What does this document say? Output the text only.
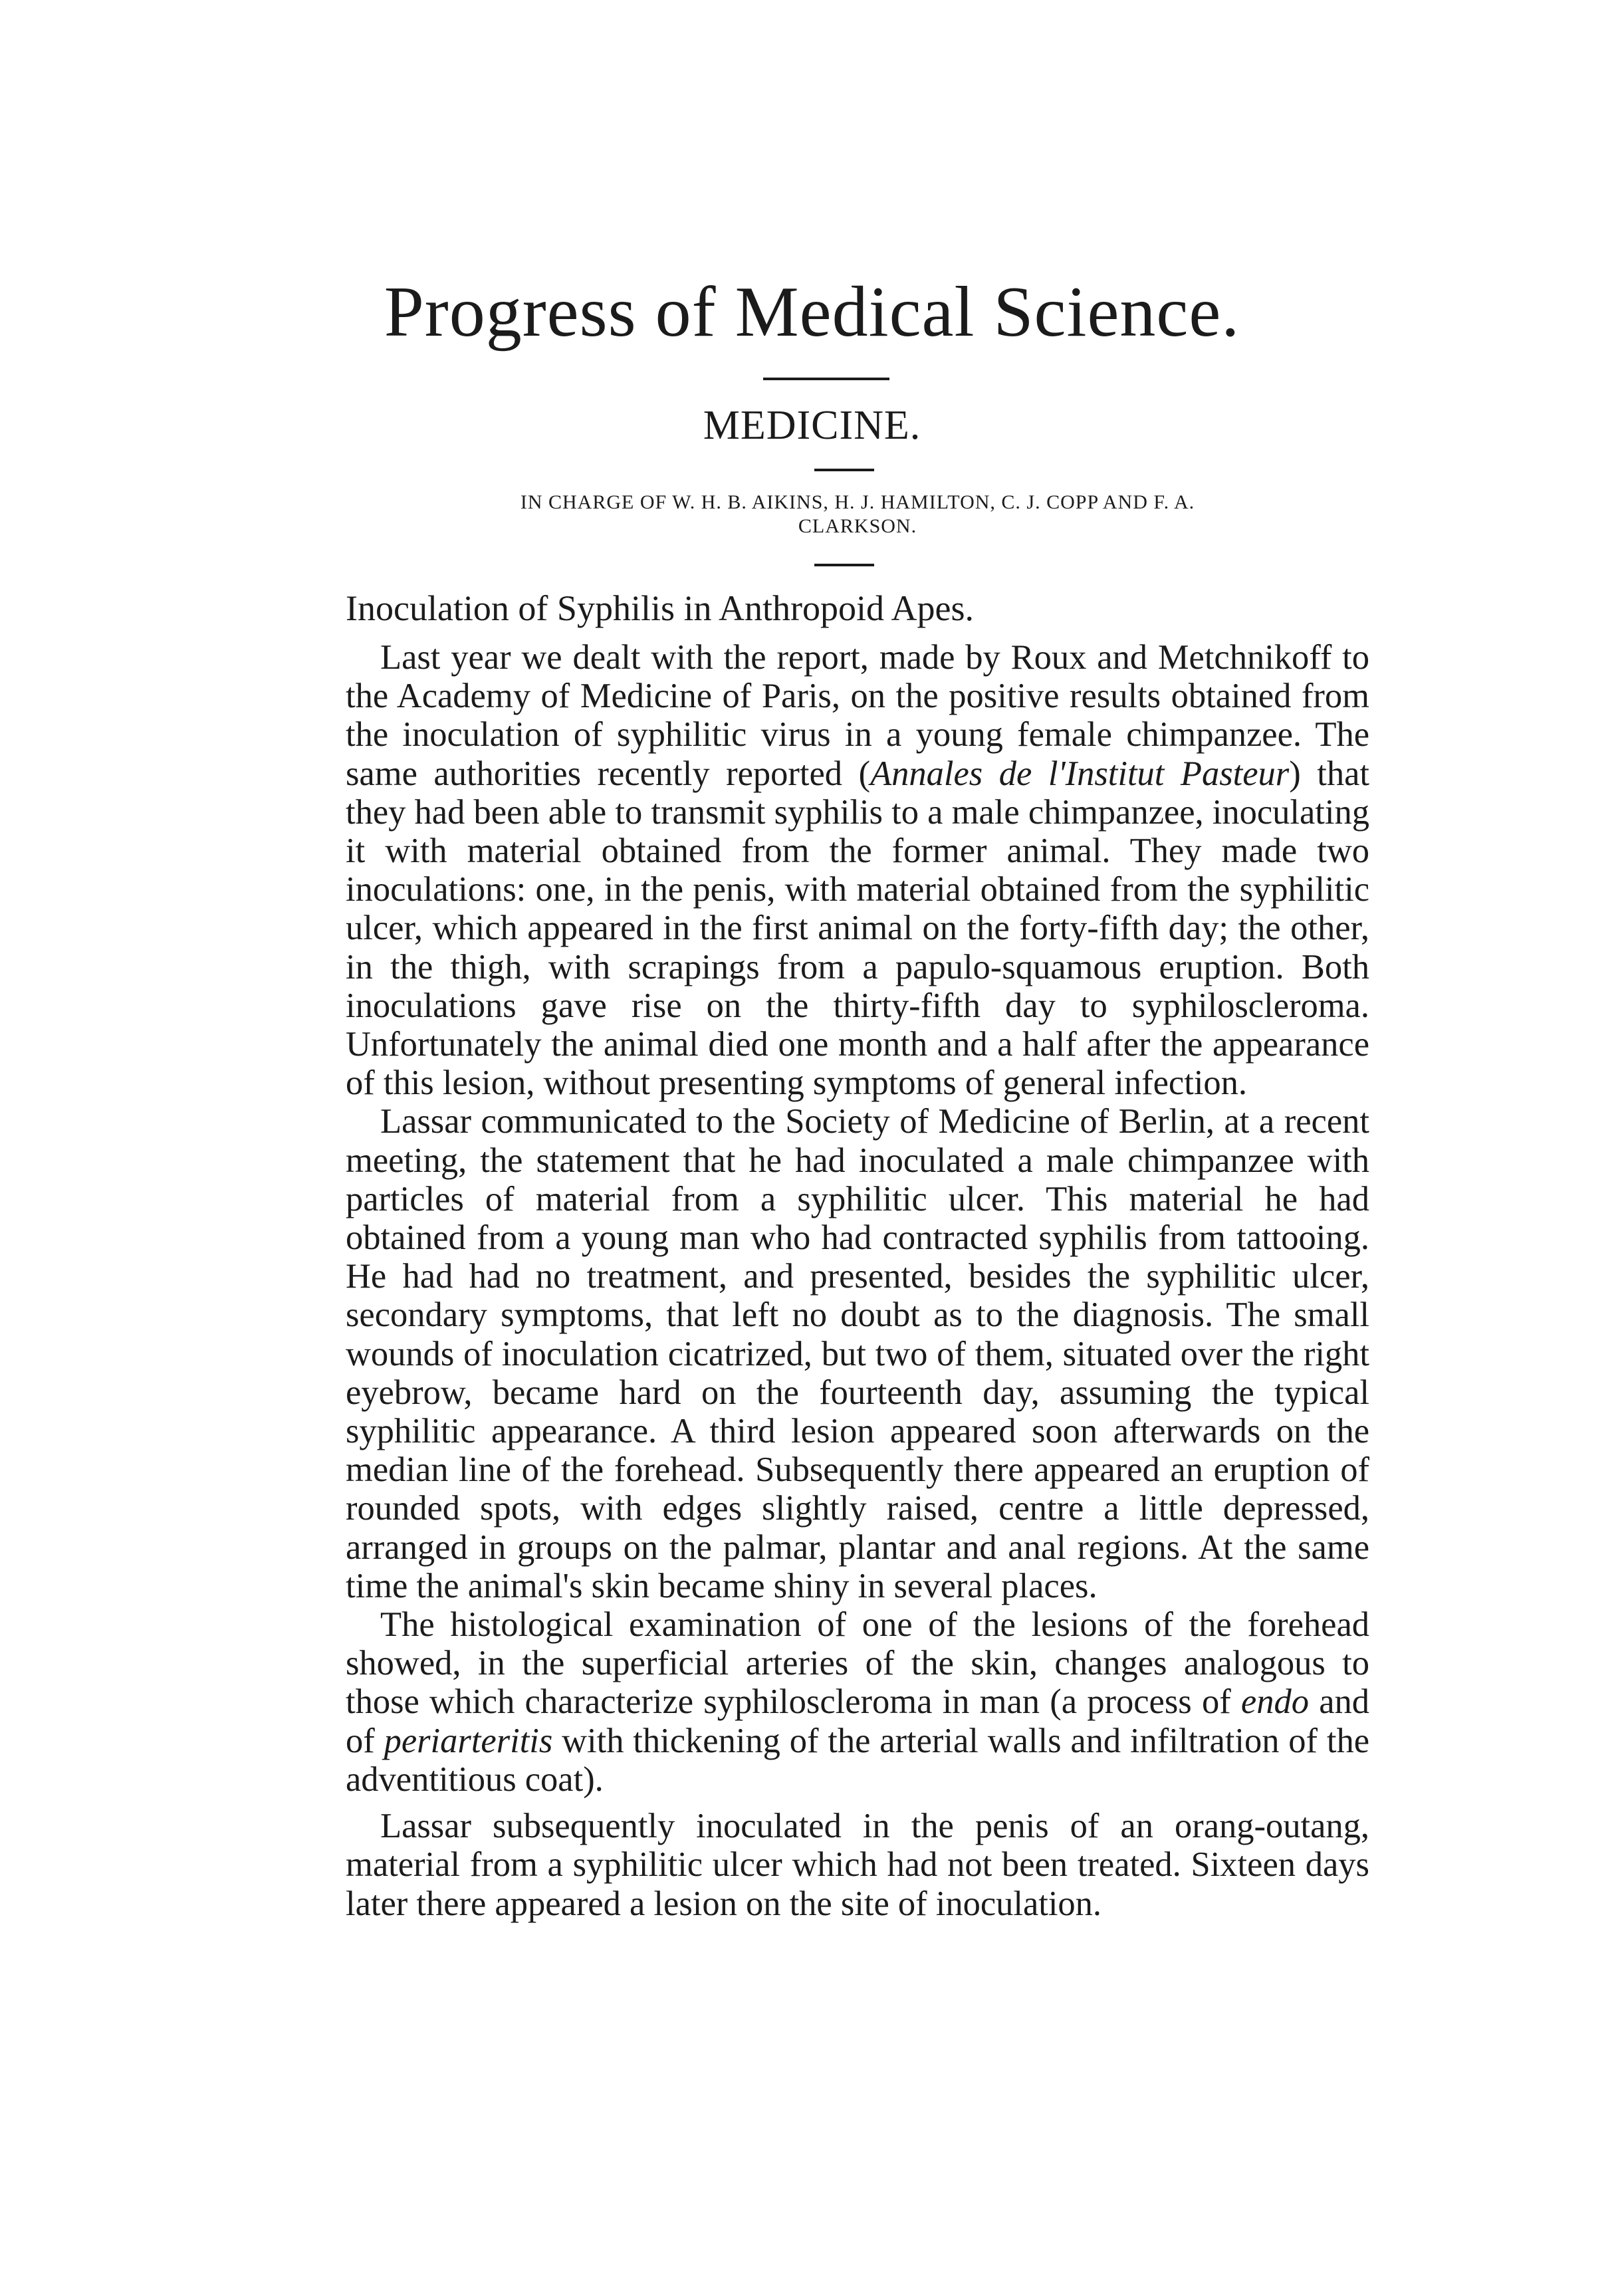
Progress of Medical Science.
MEDICINE.

IN CHARGE OF W. H. B. AIKINS, H. J. HAMILTON, C. J. COPP AND F. A. CLARKSON.

Inoculation of Syphilis in Anthropoid Apes.

Last year we dealt with the report, made by Roux and Metchnikoff to the Academy of Medicine of Paris, on the positive results obtained from the inoculation of syphilitic virus in a young female chimpanzee. The same authorities recently reported (Annales de l'Institut Pasteur) that they had been able to transmit syphilis to a male chimpanzee, inoculating it with material obtained from the former animal. They made two inoculations: one, in the penis, with material obtained from the syphilitic ulcer, which appeared in the first animal on the forty-fifth day; the other, in the thigh, with scrapings from a papulo-squamous eruption. Both inoculations gave rise on the thirty-fifth day to syphiloscleroma. Unfortunately the animal died one month and a half after the appearance of this lesion, without presenting symptoms of general infection.

Lassar communicated to the Society of Medicine of Berlin, at a recent meeting, the statement that he had inoculated a male chimpanzee with particles of material from a syphilitic ulcer. This material he had obtained from a young man who had contracted syphilis from tattooing. He had had no treatment, and presented, besides the syphilitic ulcer, secondary symptoms, that left no doubt as to the diagnosis. The small wounds of inoculation cicatrized, but two of them, situated over the right eyebrow, became hard on the fourteenth day, assuming the typical syphilitic appearance. A third lesion appeared soon afterwards on the median line of the forehead. Subsequently there appeared an eruption of rounded spots, with edges slightly raised, centre a little depressed, arranged in groups on the palmar, plantar and anal regions. At the same time the animal's skin became shiny in several places.

The histological examination of one of the lesions of the forehead showed, in the superficial arteries of the skin, changes analogous to those which characterize syphiloscleroma in man (a process of endo and of periarteritis with thickening of the arterial walls and infiltration of the adventitious coat).

Lassar subsequently inoculated in the penis of an orang-outang, material from a syphilitic ulcer which had not been treated. Sixteen days later there appeared a lesion on the site of inoculation.
